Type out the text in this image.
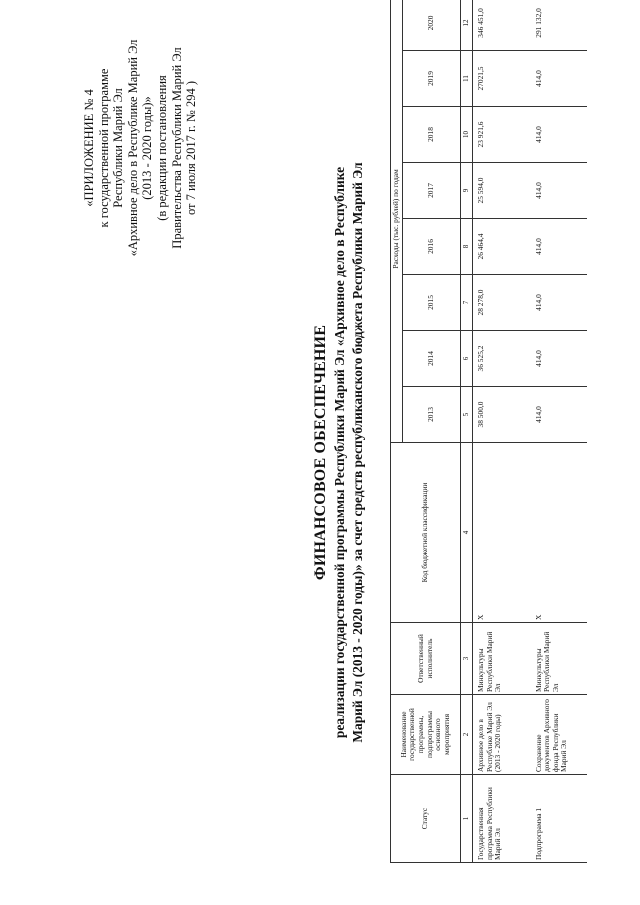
«ПРИЛОЖЕНИЕ № 4 к государственной программе Республики Марий Эл «Архивное дело в Республике Марий Эл (2013 - 2020 годы)» (в редакции постановления Правительства Республики Марий Эл от 7 июля 2017 г. № 294 )
ФИНАНСОВОЕ ОБЕСПЕЧЕНИЕ реализации государственной программы Республики Марий Эл «Архивное дело в Республике Марий Эл (2013 - 2020 годы)» за счет средств республиканского бюджета Республики Марий Эл
Статус	Наименование государственной программы, подпрограммы основного мероприятия	Ответственный исполнитель	Код бюджетной классификации	Расходы (тыс. рублей) по годам							
				2013	2014	2015	2016	2017	2018	2019	2020
1	2	3	4	5	6	7	8	9	10	11	12
Государственная программа Республики Марий Эл	Архивное дело в Республике Марий Эл (2013 - 2020 годы)	Минкультуры Республики Марий Эл	X	38 500,0	36 525,2	28 278,0	26 464,4	25 594,0	23 921,6	27021,5	346 451,0
Подпрограмма 1	Сохранение документов Архивного фонда Республики Марий Эл	Минкультуры Республики Марий Эл	X	414,0	414,0	414,0	414,0	414,0	414,0	414,0	291 132,0
